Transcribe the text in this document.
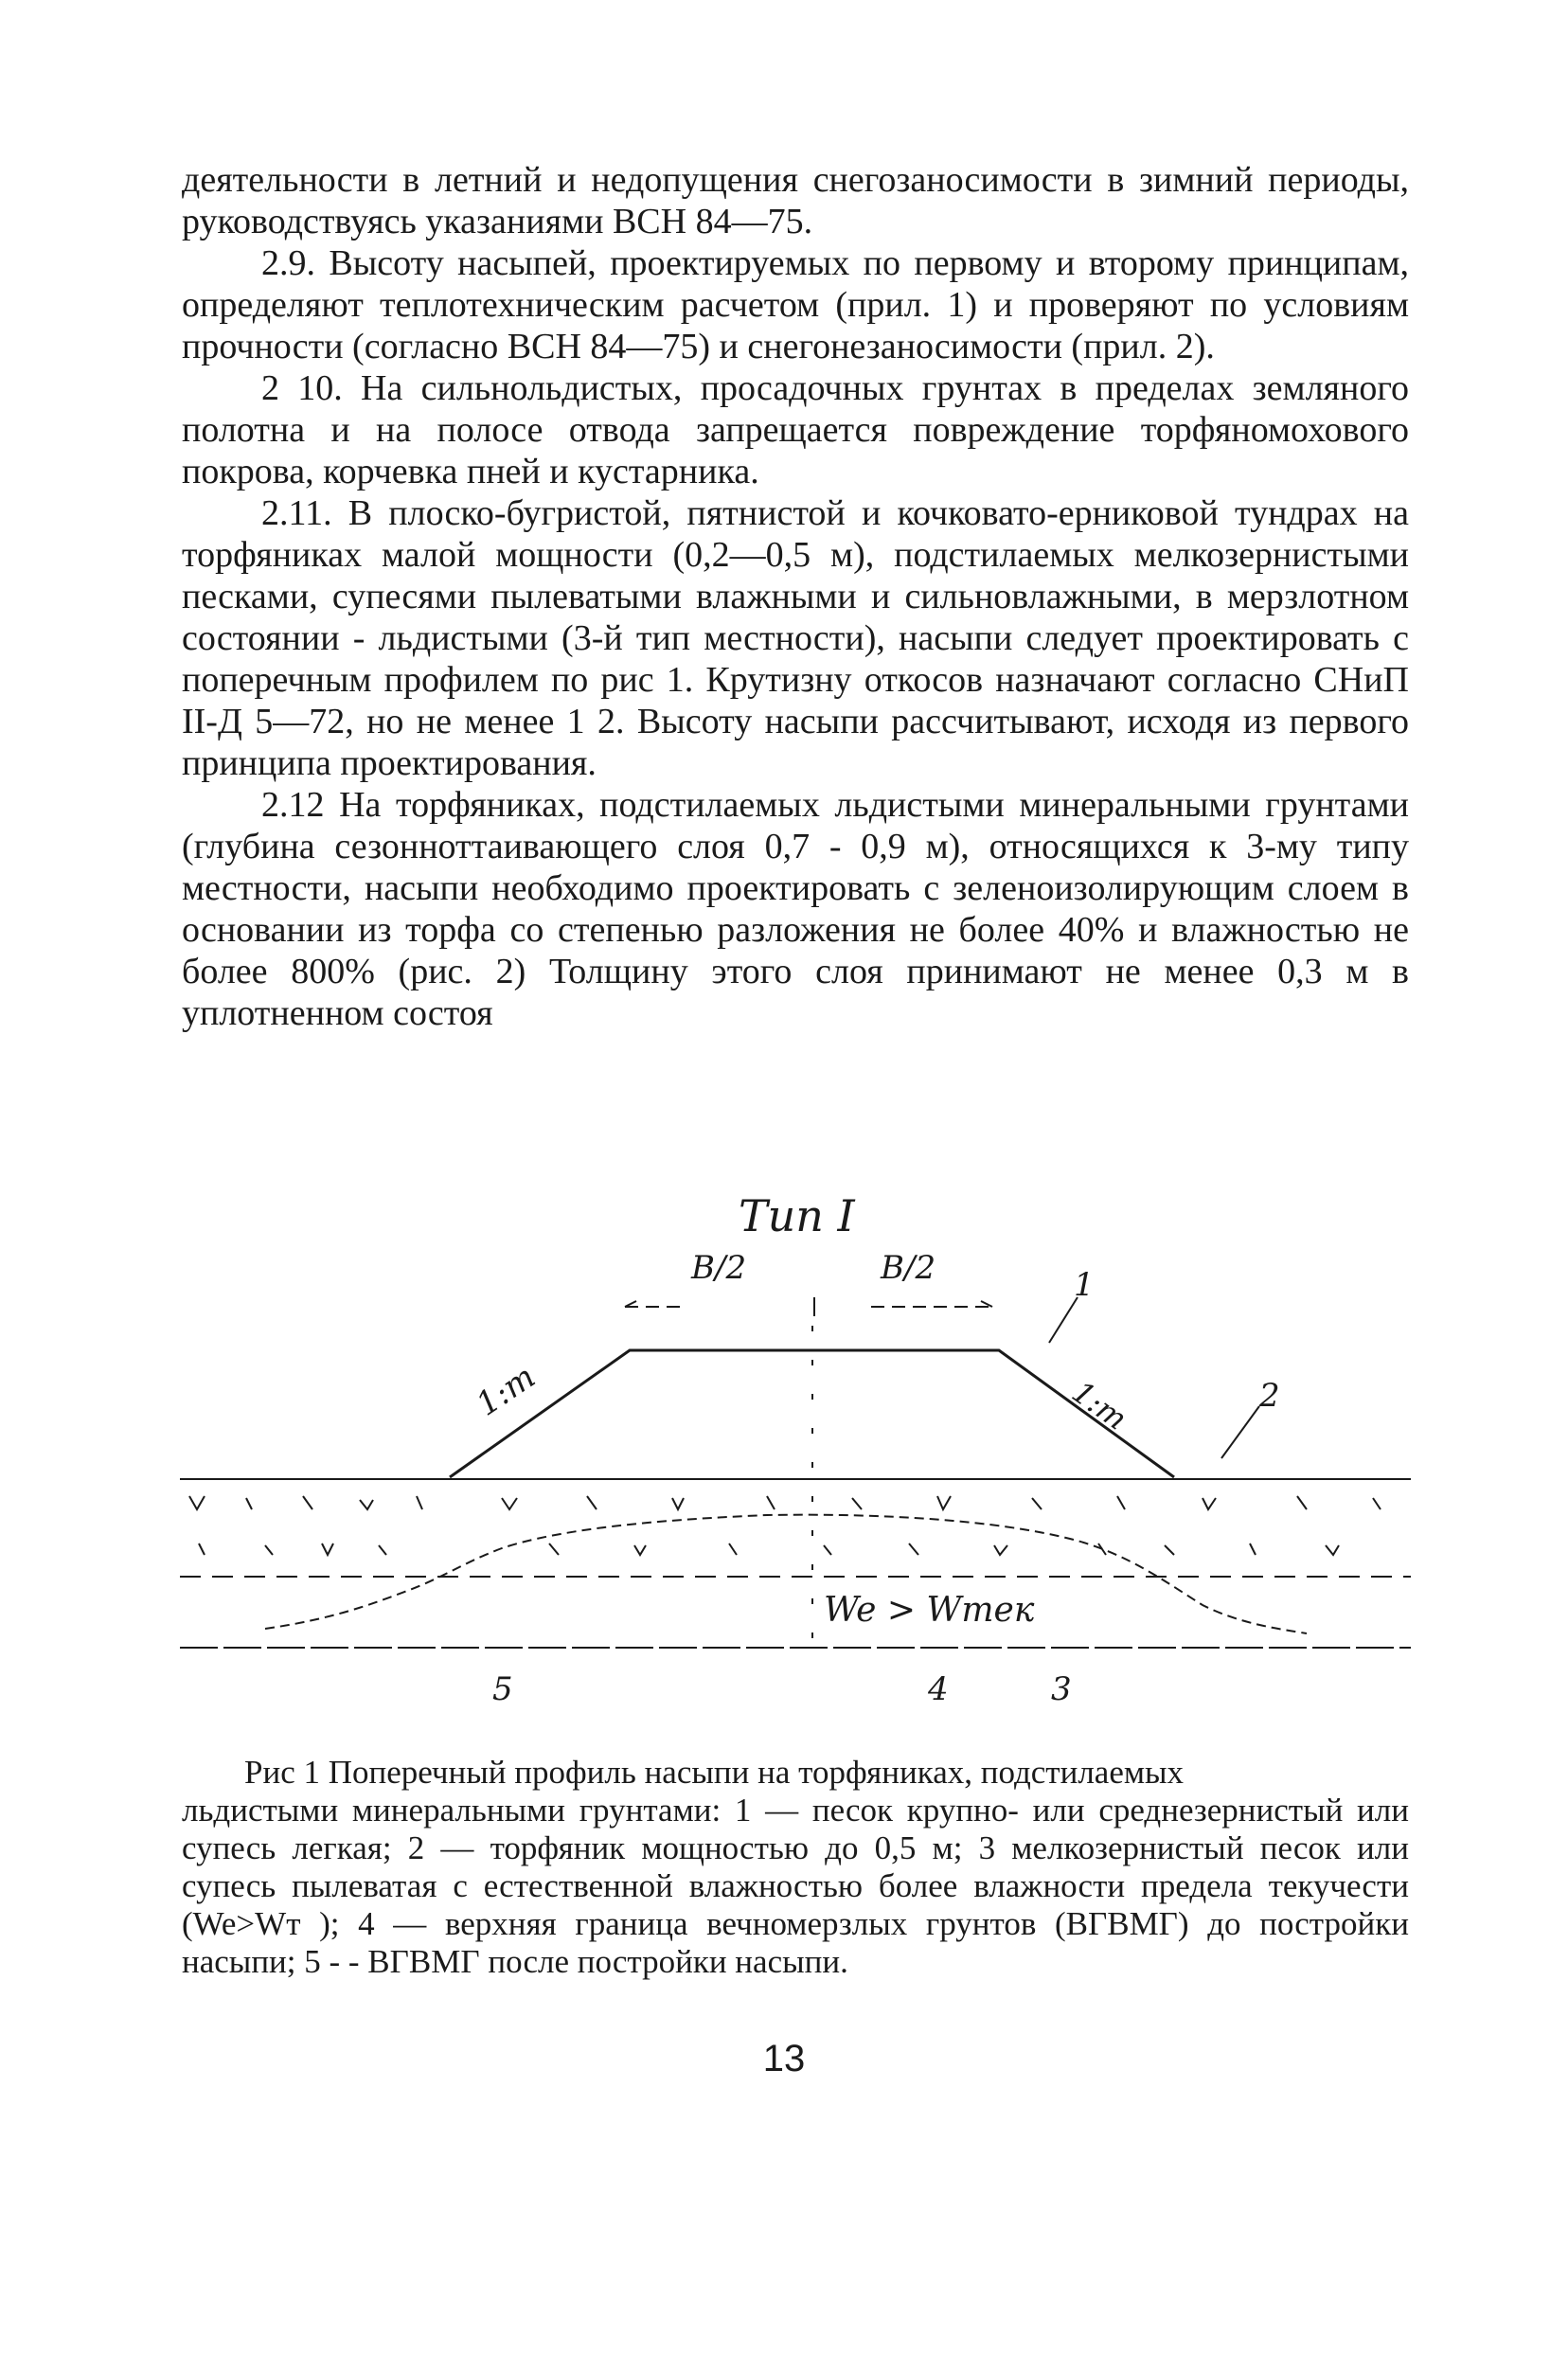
деятельности в летний и недопущения снегозаносимости в зимний периоды, руководствуясь указаниями ВСН 84—75.

2.9. Высоту насыпей, проектируемых по первому и второму принципам, определяют теплотехническим расчетом (прил. 1) и проверяют по условиям прочности (согласно ВСН 84—75) и снегонезаносимости (прил. 2).

2 10. На сильнольдистых, просадочных грунтах в пределах земляного полотна и на полосе отвода запрещается повреждение торфяномохового покрова, корчевка пней и кустарника.

2.11. В плоско-бугристой, пятнистой и кочковато-ерниковой тундрах на торфяниках малой мощности (0,2—0,5 м), подстилаемых мелкозернистыми песками, супесями пылеватыми влажными и сильновлажными, в мерзлотном состоянии - льдистыми (3-й тип местности), насыпи следует проектировать с поперечным профилем по рис 1. Крутизну откосов назначают согласно СНиП II-Д 5—72, но не менее 1 2. Высоту насыпи рассчитывают, исходя из первого принципа проектирования.

2.12 На торфяниках, подстилаемых льдистыми минеральными грунтами (глубина сезонноттаивающего слоя 0,7 - 0,9 м), относящихся к 3-му типу местности, насыпи необходимо проектировать с зеленоизолирующим слоем в основании из торфа со степенью разложения не более 40% и влажностью не более 800% (рис. 2) Толщину этого слоя принимают не менее 0,3 м в уплотненном состоя

Тип I
B/2	B/2
1:m	1:m
1
2
We > Wтек
5	4	3

Рис 1 Поперечный профиль насыпи на торфяниках, подстилаемых
льдистыми минеральными грунтами: 1 — песок крупно- или среднезернистый или супесь легкая; 2 — торфяник мощностью до 0,5 м; 3 мелкозернистый песок или супесь пылеватая с естественной влажностью более влажности предела текучести (We>Wт ); 4 — верхняя граница вечномерзлых грунтов (ВГВМГ) до постройки насыпи; 5 - - ВГВМГ после постройки насыпи.

13
